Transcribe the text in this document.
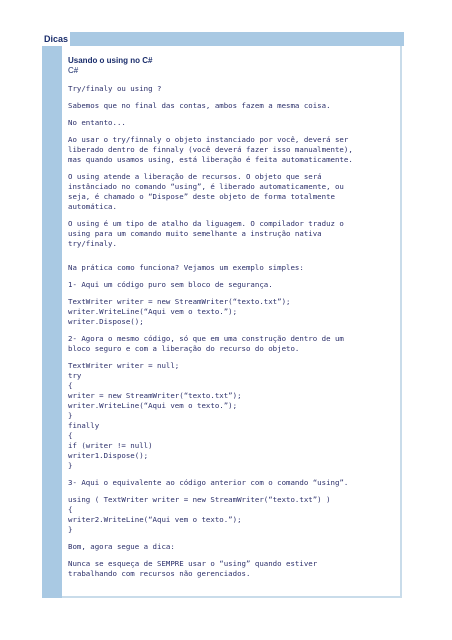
Dicas

Usando o using no C#

C#

Try/finaly ou using ?
Sabemos que no final das contas, ambos fazem a mesma coisa.
No entanto...
Ao usar o try/finnaly o objeto instanciado por você, deverá ser
liberado dentro de finnaly (você deverá fazer isso manualmente),
mas quando usamos using, está liberação é feita automaticamente.
O using atende a liberação de recursos. O objeto que será
instânciado no comando “using”, é liberado automaticamente, ou
seja, é chamado o “Dispose” deste objeto de forma totalmente
automática.
O using é um tipo de atalho da liguagem. O compilador traduz o
using para um comando muito semelhante a instrução nativa
try/finaly.
Na prática como funciona? Vejamos um exemplo simples:
1- Aqui um código puro sem bloco de segurança.
TextWriter writer = new StreamWriter(“texto.txt”);
writer.WriteLine(“Aqui vem o texto.”);
writer.Dispose();
2- Agora o mesmo código, só que em uma construção dentro de um
bloco seguro e com a liberação do recurso do objeto.
TextWriter writer = null;
try
{
writer = new StreamWriter(“texto.txt”);
writer.WriteLine(“Aqui vem o texto.”);
}
finally
{
if (writer != null)
writer1.Dispose();
}
3- Aqui o equivalente ao código anterior com o comando “using”.
using ( TextWriter writer = new StreamWriter(“texto.txt”) )
{
writer2.WriteLine(“Aqui vem o texto.”);
}
Bom, agora segue a dica:
Nunca se esqueça de SEMPRE usar o “using” quando estiver
trabalhando com recursos não gerenciados.
